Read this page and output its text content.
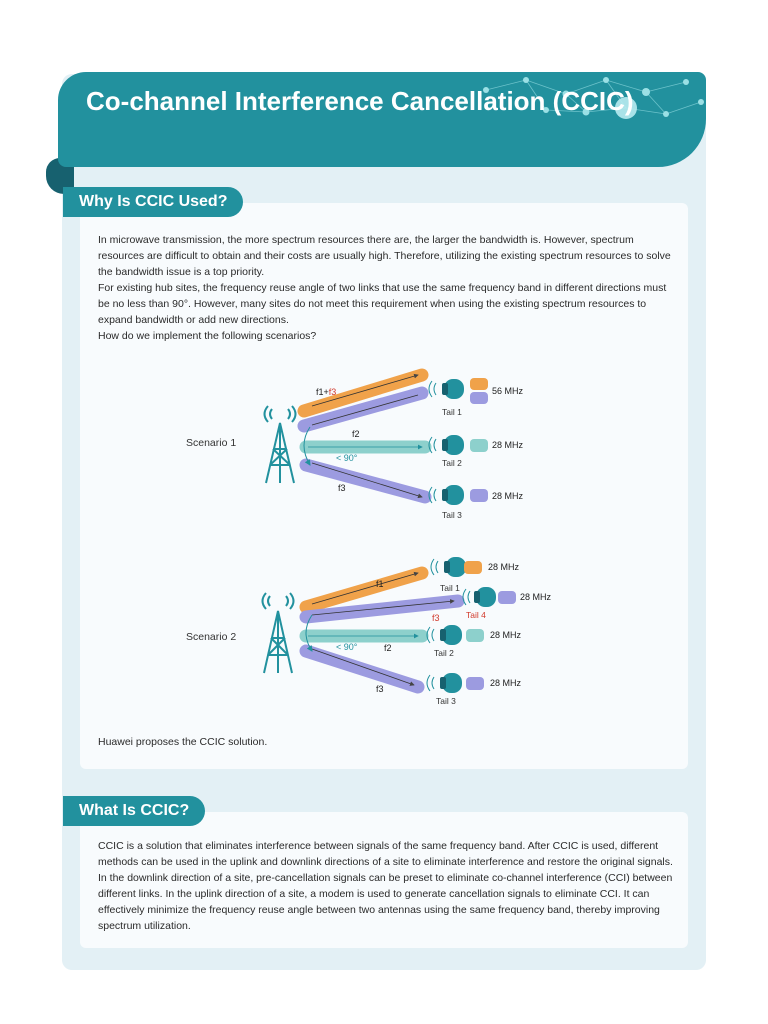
Co-channel Interference Cancellation (CCIC)
Why Is CCIC Used?

In microwave transmission, the more spectrum resources there are, the larger the bandwidth is. However, spectrum resources are difficult to obtain and their costs are usually high. Therefore, utilizing the existing spectrum resources to solve the bandwidth issue is a top priority.

For existing hub sites, the frequency reuse angle of two links that use the same frequency band in different directions must be no less than 90°. However, many sites do not meet this requirement when using the existing spectrum resources to expand bandwidth or add new directions.

How do we implement the following scenarios?

Scenario 1
< 90°
f1+f3
f2
f3
56 MHz
Tail 1
28 MHz
Tail 2
28 MHz
Tail 3
Scenario 2
< 90°
f1
f3
f2
f3
28 MHz
Tail 1
28 MHz
Tail 4
28 MHz
Tail 2
28 MHz
Tail 3

Huawei proposes the CCIC solution.

What Is CCIC?

CCIC is a solution that eliminates interference between signals of the same frequency band. After CCIC is used, different methods can be used in the uplink and downlink directions of a site to eliminate interference and restore the original signals. In the downlink direction of a site, pre-cancellation signals can be preset to eliminate co-channel interference (CCI) between different links. In the uplink direction of a site, a modem is used to generate cancellation signals to eliminate CCI. It can effectively minimize the frequency reuse angle between two antennas using the same frequency band, thereby improving spectrum utilization.
